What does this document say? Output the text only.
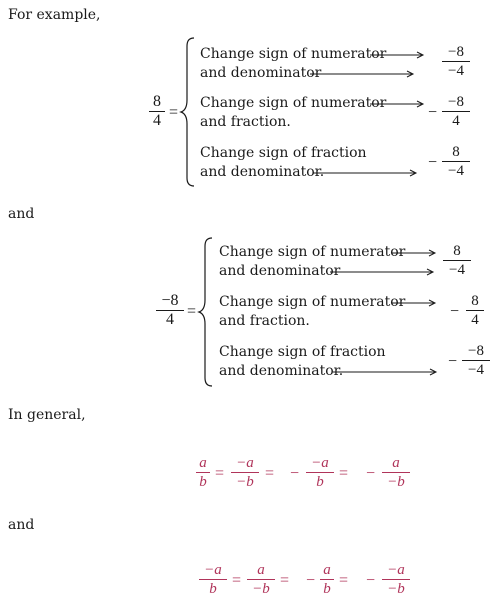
For example,
8
4 =
Change sign of numerator
and denominator
−8
−4
Change sign of numerator
and fraction.
−
−8
4
Change sign of fraction
and denominator.
−
8
−4
and
−8
4 =
Change sign of numerator
and denominator
8
−4
Change sign of numerator
and fraction.
−
8
4
Change sign of fraction
and denominator.
−
−8
−4
In general,
a
b =
−a
−b = −
−a
b = −
a
−b
and
−a
b =
a
−b = −
a
b = −
−a
−b
